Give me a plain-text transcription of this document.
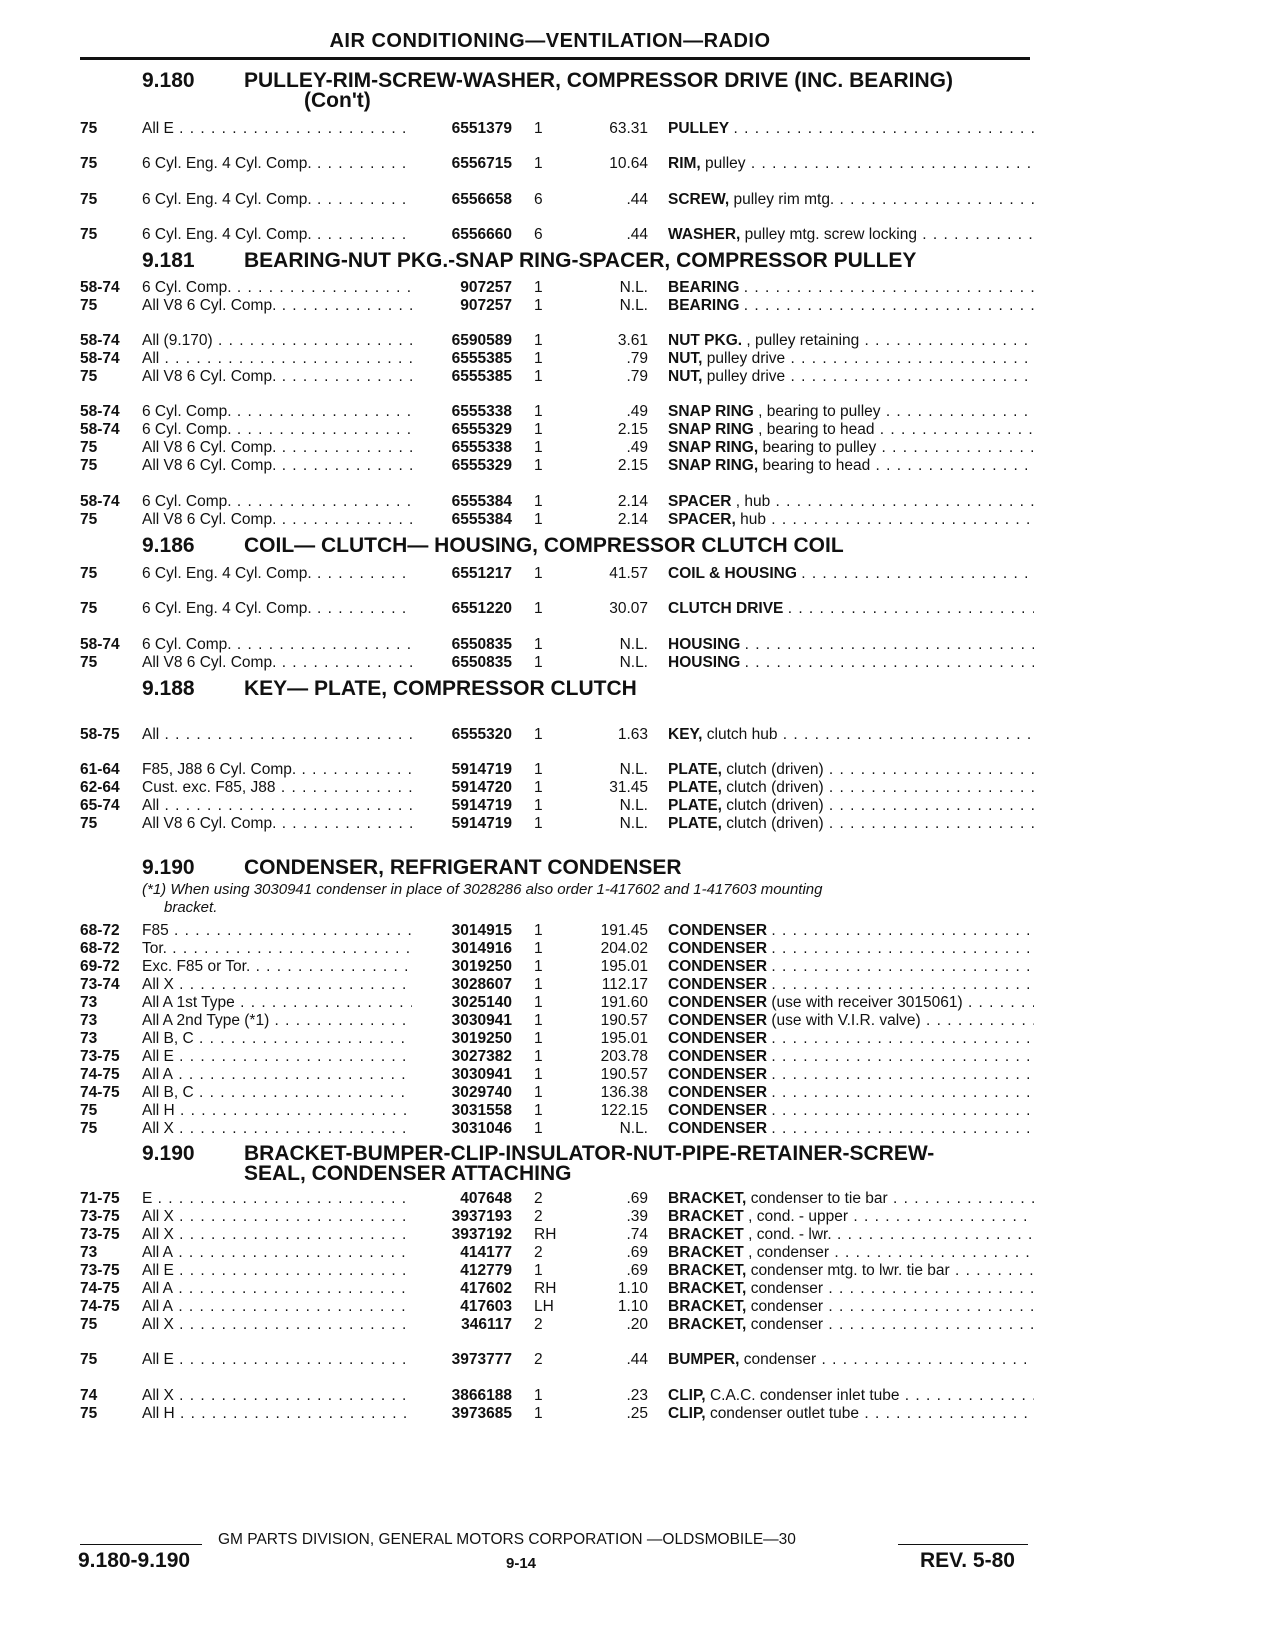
AIR CONDITIONING—VENTILATION—RADIO
9.180 PULLEY-RIM-SCREW-WASHER, COMPRESSOR DRIVE (INC. BEARING)
(Con't)
75	All E . . .	6551379 1	63.31 PULLEY . . .
75	6 Cyl. Eng. 4 Cyl. Comp. . . .	6556715 1	10.64 RIM, pulley . . .
75	6 Cyl. Eng. 4 Cyl. Comp. . . .	6556658 6	.44 SCREW, pulley rim mtg. . . .
75	6 Cyl. Eng. 4 Cyl. Comp. . . .	6556660 6	.44 WASHER, pulley mtg. screw locking . . .
9.181 BEARING-NUT PKG.-SNAP RING-SPACER, COMPRESSOR PULLEY
58-74 6 Cyl. Comp. . . .	907257 1	N.L. BEARING . . .
75	All V8 6 Cyl. Comp. . . .	907257 1	N.L. BEARING . . .
58-74 All (9.170) . . .	6590589 1	3.61 NUT PKG. , pulley retaining . . .
58-74 All . . .	6555385 1	.79 NUT, pulley drive . . .
75	All V8 6 Cyl. Comp. . . .	6555385 1	.79 NUT, pulley drive . . .
58-74 6 Cyl. Comp. . . .	6555338 1	.49 SNAP RING , bearing to pulley . . .
58-74 6 Cyl. Comp. . . .	6555329 1	2.15 SNAP RING , bearing to head . . .
75	All V8 6 Cyl. Comp. . . .	6555338 1	.49 SNAP RING, bearing to pulley . . .
75	All V8 6 Cyl. Comp. . . .	6555329 1	2.15 SNAP RING, bearing to head . . .
58-74 6 Cyl. Comp. . . .	6555384 1	2.14 SPACER , hub . . .
75	All V8 6 Cyl. Comp. . . .	6555384 1	2.14 SPACER, hub . . .
9.186 COIL— CLUTCH— HOUSING, COMPRESSOR CLUTCH COIL
75	6 Cyl. Eng. 4 Cyl. Comp. . . .	6551217 1	41.57 COIL & HOUSING . . .
75	6 Cyl. Eng. 4 Cyl. Comp. . . .	6551220 1	30.07 CLUTCH DRIVE . . .
58-74 6 Cyl. Comp. . . .	6550835 1	N.L. HOUSING . . .
75	All V8 6 Cyl. Comp. . . .	6550835 1	N.L. HOUSING . . .
9.188 KEY— PLATE, COMPRESSOR CLUTCH
58-75 All . . .	6555320 1	1.63 KEY, clutch hub . . .
61-64 F85, J88 6 Cyl. Comp. . . .	5914719 1	N.L. PLATE, clutch (driven) . . .
62-64 Cust. exc. F85, J88 . . .	5914720 1	31.45 PLATE, clutch (driven) . . .
65-74 All . . .	5914719 1	N.L. PLATE, clutch (driven) . . .
75	All V8 6 Cyl. Comp. . . .	5914719 1	N.L. PLATE, clutch (driven) . . .
9.190 CONDENSER, REFRIGERANT CONDENSER
(*1) When using 3030941 condenser in place of 3028286 also order 1-417602 and 1-417603 mounting
bracket.
68-72 F85 . . .	3014915 1	191.45 CONDENSER . . .
68-72 Tor. . . .	3014916 1	204.02 CONDENSER . . .
69-72 Exc. F85 or Tor. . . .	3019250 1	195.01 CONDENSER . . .
73-74 All X . . .	3028607 1	112.17 CONDENSER . . .
73	All A 1st Type . . .	3025140 1	191.60 CONDENSER (use with receiver 3015061) . . .
73	All A 2nd Type (*1) . . .	3030941 1	190.57 CONDENSER (use with V.I.R. valve) . . .
73	All B, C . . .	3019250 1	195.01 CONDENSER . . .
73-75 All E . . .	3027382 1	203.78 CONDENSER . . .
74-75 All A . . .	3030941 1	190.57 CONDENSER . . .
74-75 All B, C . . .	3029740 1	136.38 CONDENSER . . .
75	All H . . .	3031558 1	122.15 CONDENSER . . .
75	All X . . .	3031046 1	N.L. CONDENSER . . .
9.190 BRACKET-BUMPER-CLIP-INSULATOR-NUT-PIPE-RETAINER-SCREW-
SEAL, CONDENSER ATTACHING
71-75 E . . .	407648 2	.69 BRACKET, condenser to tie bar . . .
73-75 All X . . .	3937193 2	.39 BRACKET , cond. - upper . . .
73-75 All X . . .	3937192 RH	.74 BRACKET , cond. - lwr. . . .
73	All A . . .	414177 2	.69 BRACKET , condenser . . .
73-75 All E . . .	412779 1	.69 BRACKET, condenser mtg. to lwr. tie bar . . .
74-75 All A . . .	417602 RH	1.10 BRACKET, condenser . . .
74-75 All A . . .	417603 LH	1.10 BRACKET, condenser . . .
75	All X . . .	346117 2	.20 BRACKET, condenser . . .
75	All E . . .	3973777 2	.44 BUMPER, condenser . . .
74	All X . . .	3866188 1	.23 CLIP, C.A.C. condenser inlet tube . . .
75	All H . . .	3973685 1	.25 CLIP, condenser outlet tube . . .
GM PARTS DIVISION, GENERAL MOTORS CORPORATION —OLDSMOBILE—30
9.180-9.190	9-14	REV. 5-80
